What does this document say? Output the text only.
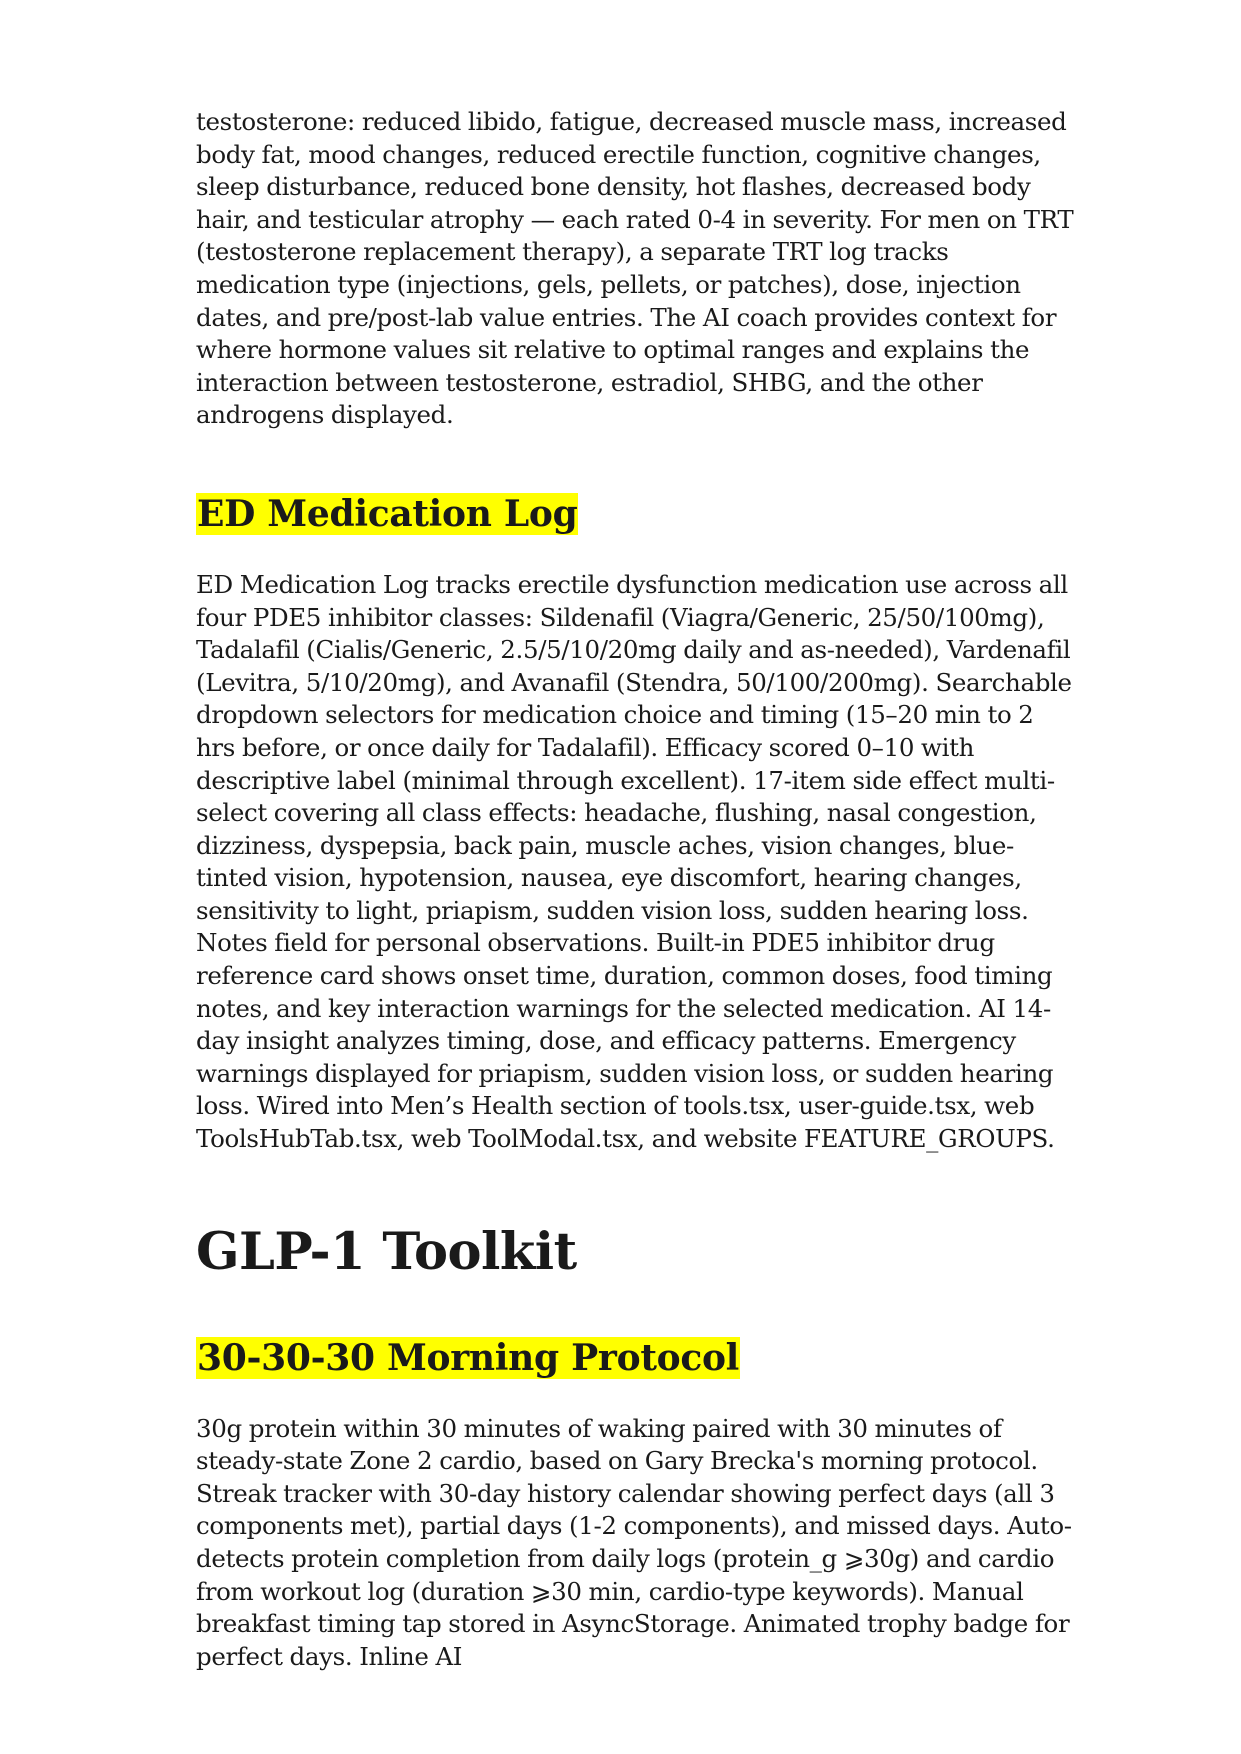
testosterone: reduced libido, fatigue, decreased muscle mass, increased body fat, mood changes, reduced erectile function, cognitive changes, sleep disturbance, reduced bone density, hot flashes, decreased body hair, and testicular atrophy — each rated 0-4 in severity. For men on TRT (testosterone replacement therapy), a separate TRT log tracks medication type (injections, gels, pellets, or patches), dose, injection dates, and pre/post-lab value entries. The AI coach provides context for where hormone values sit relative to optimal ranges and explains the interaction between testosterone, estradiol, SHBG, and the other androgens displayed.

ED Medication Log

ED Medication Log tracks erectile dysfunction medication use across all four PDE5 inhibitor classes: Sildenafil (Viagra/Generic, 25/50/100mg), Tadalafil (Cialis/Generic, 2.5/5/10/20mg daily and as-needed), Vardenafil (Levitra, 5/10/20mg), and Avanafil (Stendra, 50/100/200mg). Searchable dropdown selectors for medication choice and timing (15–20 min to 2 hrs before, or once daily for Tadalafil). Efficacy scored 0–10 with descriptive label (minimal through excellent). 17-item side effect multi-select covering all class effects: headache, flushing, nasal congestion, dizziness, dyspepsia, back pain, muscle aches, vision changes, blue-tinted vision, hypotension, nausea, eye discomfort, hearing changes, sensitivity to light, priapism, sudden vision loss, sudden hearing loss. Notes field for personal observations. Built-in PDE5 inhibitor drug reference card shows onset time, duration, common doses, food timing notes, and key interaction warnings for the selected medication. AI 14-day insight analyzes timing, dose, and efficacy patterns. Emergency warnings displayed for priapism, sudden vision loss, or sudden hearing loss. Wired into Men’s Health section of tools.tsx, user-guide.tsx, web ToolsHubTab.tsx, web ToolModal.tsx, and website FEATURE_GROUPS.

GLP-1 Toolkit
30-30-30 Morning Protocol

30g protein within 30 minutes of waking paired with 30 minutes of steady-state Zone 2 cardio, based on Gary Brecka's morning protocol. Streak tracker with 30-day history calendar showing perfect days (all 3 components met), partial days (1-2 components), and missed days. Auto-detects protein completion from daily logs (protein_g ⩾30g) and cardio from workout log (duration ⩾30 min, cardio-type keywords). Manual breakfast timing tap stored in AsyncStorage. Animated trophy badge for perfect days. Inline AI
